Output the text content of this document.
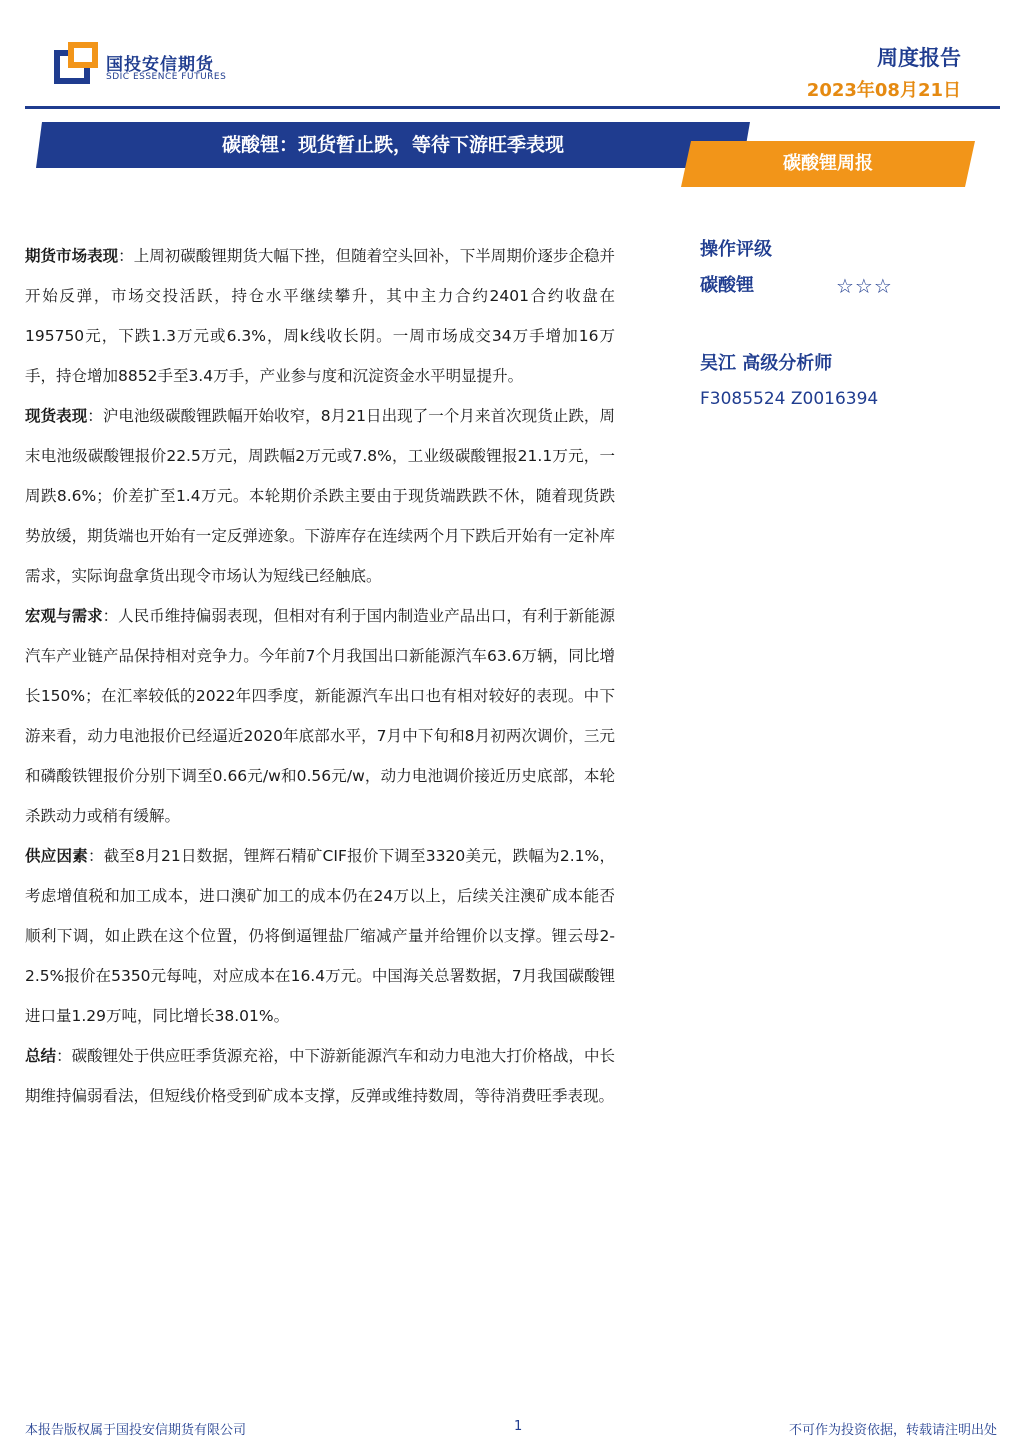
国投安信期货
SDIC ESSENCE FUTURES
周度报告
2023年08月21日
碳酸锂：现货暂止跌，等待下游旺季表现
碳酸锂周报

期货市场表现：上周初碳酸锂期货大幅下挫，但随着空头回补，下半周期价逐步企稳并开始反弹，市场交投活跃，持仓水平继续攀升，其中主力合约2401合约收盘在195750元，下跌1.3万元或6.3%，周k线收长阴。一周市场成交34万手增加16万手，持仓增加8852手至3.4万手，产业参与度和沉淀资金水平明显提升。

现货表现：沪电池级碳酸锂跌幅开始收窄，8月21日出现了一个月来首次现货止跌，周末电池级碳酸锂报价22.5万元，周跌幅2万元或7.8%，工业级碳酸锂报21.1万元，一周跌8.6%；价差扩至1.4万元。本轮期价杀跌主要由于现货端跌跌不休，随着现货跌势放缓，期货端也开始有一定反弹迹象。下游库存在连续两个月下跌后开始有一定补库需求，实际询盘拿货出现令市场认为短线已经触底。

宏观与需求：人民币维持偏弱表现，但相对有利于国内制造业产品出口，有利于新能源汽车产业链产品保持相对竞争力。今年前7个月我国出口新能源汽车63.6万辆，同比增长150%；在汇率较低的2022年四季度，新能源汽车出口也有相对较好的表现。中下游来看，动力电池报价已经逼近2020年底部水平，7月中下旬和8月初两次调价，三元和磷酸铁锂报价分别下调至0.66元/w和0.56元/w，动力电池调价接近历史底部，本轮杀跌动力或稍有缓解。

供应因素：截至8月21日数据，锂辉石精矿CIF报价下调至3320美元，跌幅为2.1%，考虑增值税和加工成本，进口澳矿加工的成本仍在24万以上，后续关注澳矿成本能否顺利下调，如止跌在这个位置，仍将倒逼锂盐厂缩减产量并给锂价以支撑。锂云母2-2.5%报价在5350元每吨，对应成本在16.4万元。中国海关总署数据，7月我国碳酸锂进口量1.29万吨，同比增长38.01%。

总结：碳酸锂处于供应旺季货源充裕，中下游新能源汽车和动力电池大打价格战，中长期维持偏弱看法，但短线价格受到矿成本支撑，反弹或维持数周，等待消费旺季表现。

操作评级
碳酸锂	☆☆☆
吴江 高级分析师
F3085524 Z0016394
本报告版权属于国投安信期货有限公司	1	不可作为投资依据，转载请注明出处
